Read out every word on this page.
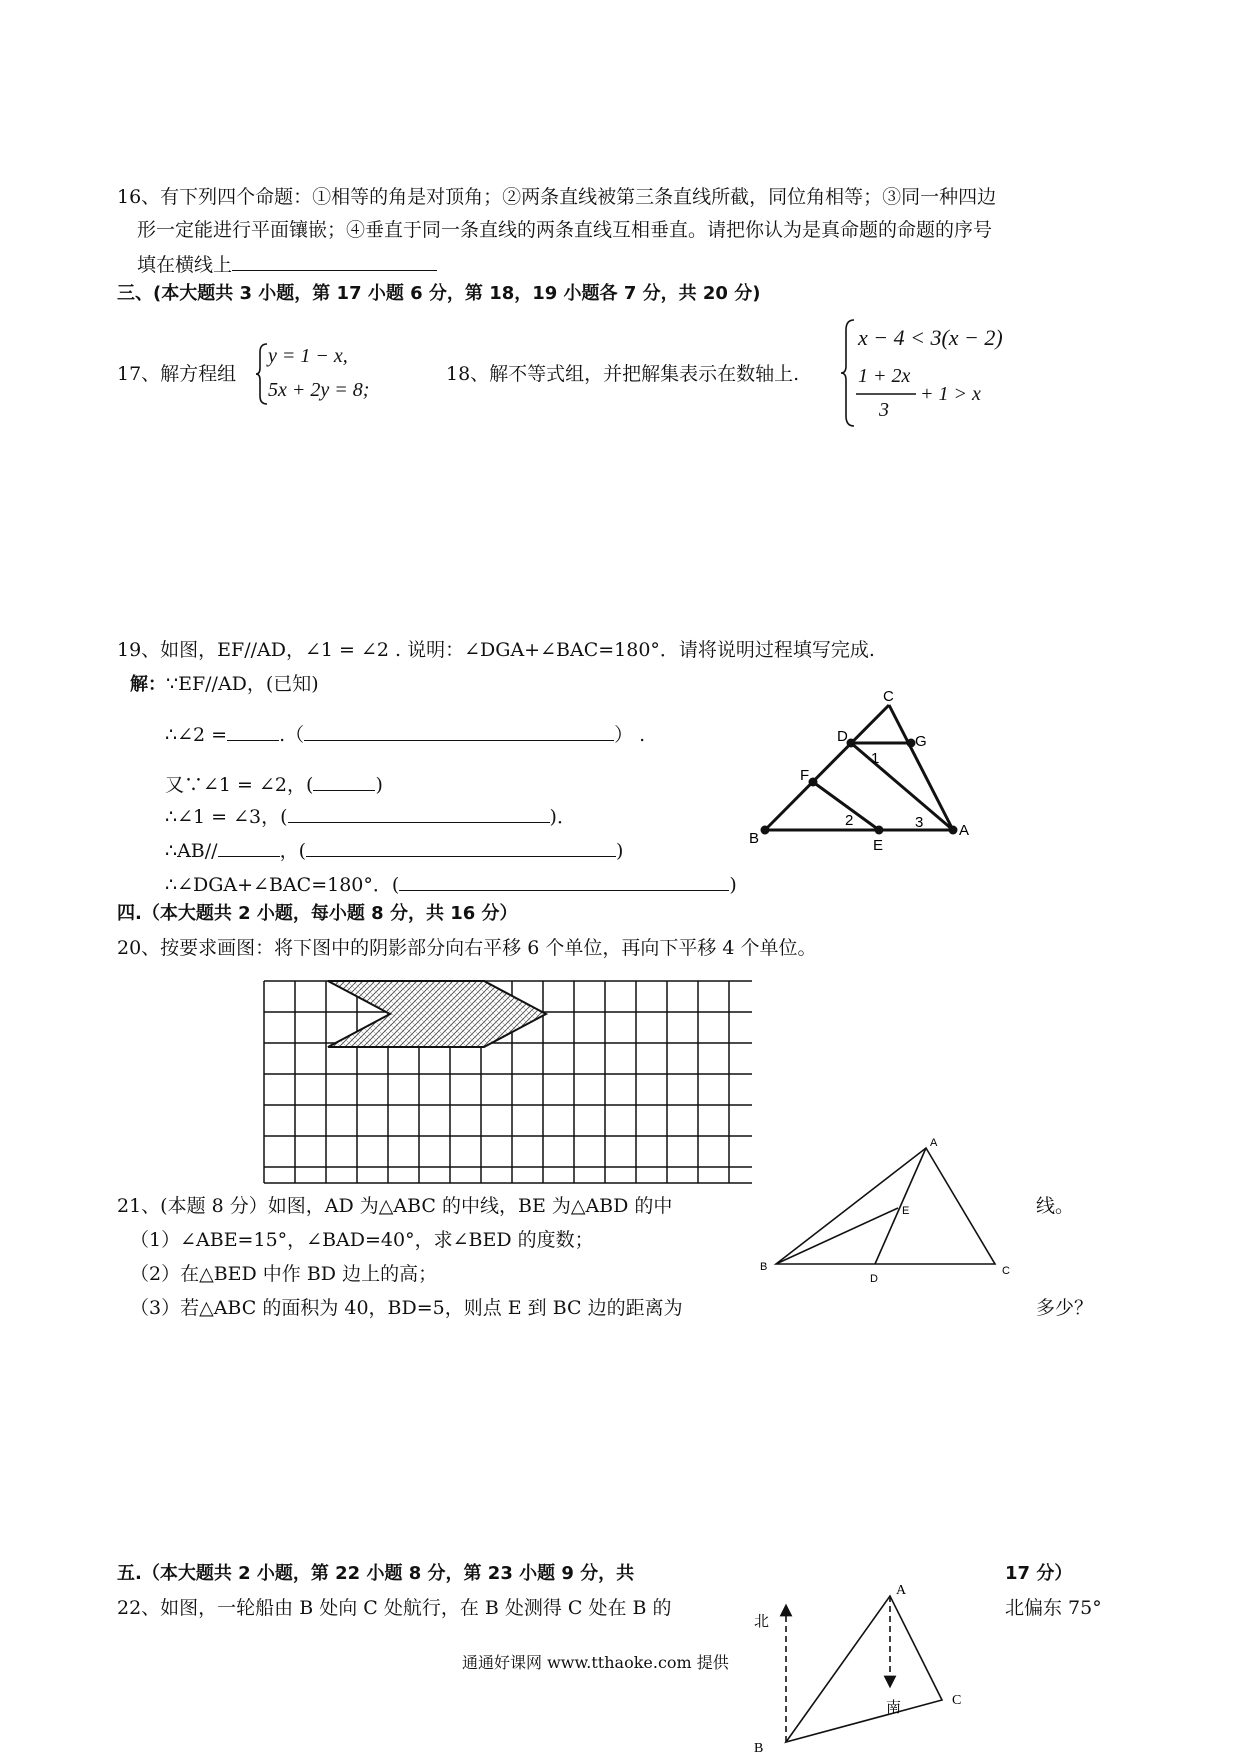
16、有下列四个命题：①相等的角是对顶角；②两条直线被第三条直线所截，同位角相等；③同一种四边
形一定能进行平面镶嵌；④垂直于同一条直线的两条直线互相垂直。请把你认为是真命题的命题的序号
填在横线上
三、(本大题共 3 小题，第 17 小题 6 分，第 18，19 小题各 7 分，共 20 分)
17、解方程组
y = 1 − x,
5x + 2y = 8;
18、解不等式组，并把解集表示在数轴上.
x − 4 < 3(x − 2)
1 + 2x
3
+ 1 > x
19、如图，EF//AD，∠1 = ∠2 . 说明：∠DGA+∠BAC=180°．请将说明过程填写完成.
解：∵EF//AD，(已知)
∴∠2 =	.（	） .
又∵∠1 = ∠2，(	)
∴∠1 = ∠3，(	)．
∴AB//	，(	)
∴∠DGA+∠BAC=180°．(	)
C
D	G
F
B	E
A
1
2	3
四.（本大题共 2 小题，每小题 8 分，共 16 分）
20、按要求画图：将下图中的阴影部分向右平移 6 个单位，再向下平移 4 个单位。
21、(本题 8 分）如图，AD 为△ABC 的中线，BE 为△ABD 的中	线。
（1）∠ABE=15°，∠BAD=40°，求∠BED 的度数；
（2）在△BED 中作 BD 边上的高；
（3）若△ABC 的面积为 40，BD=5，则点 E 到 BC 边的距离为	多少？
A
E
B
D
C
五.（本大题共 2 小题，第 22 小题 8 分，第 23 小题 9 分，共	17 分）
22、如图，一轮船由 B 处向 C 处航行，在 B 处测得 C 处在 B 的	北偏东 75°
北
南
A
C
B
通通好课网 www.tthaoke.com 提供
